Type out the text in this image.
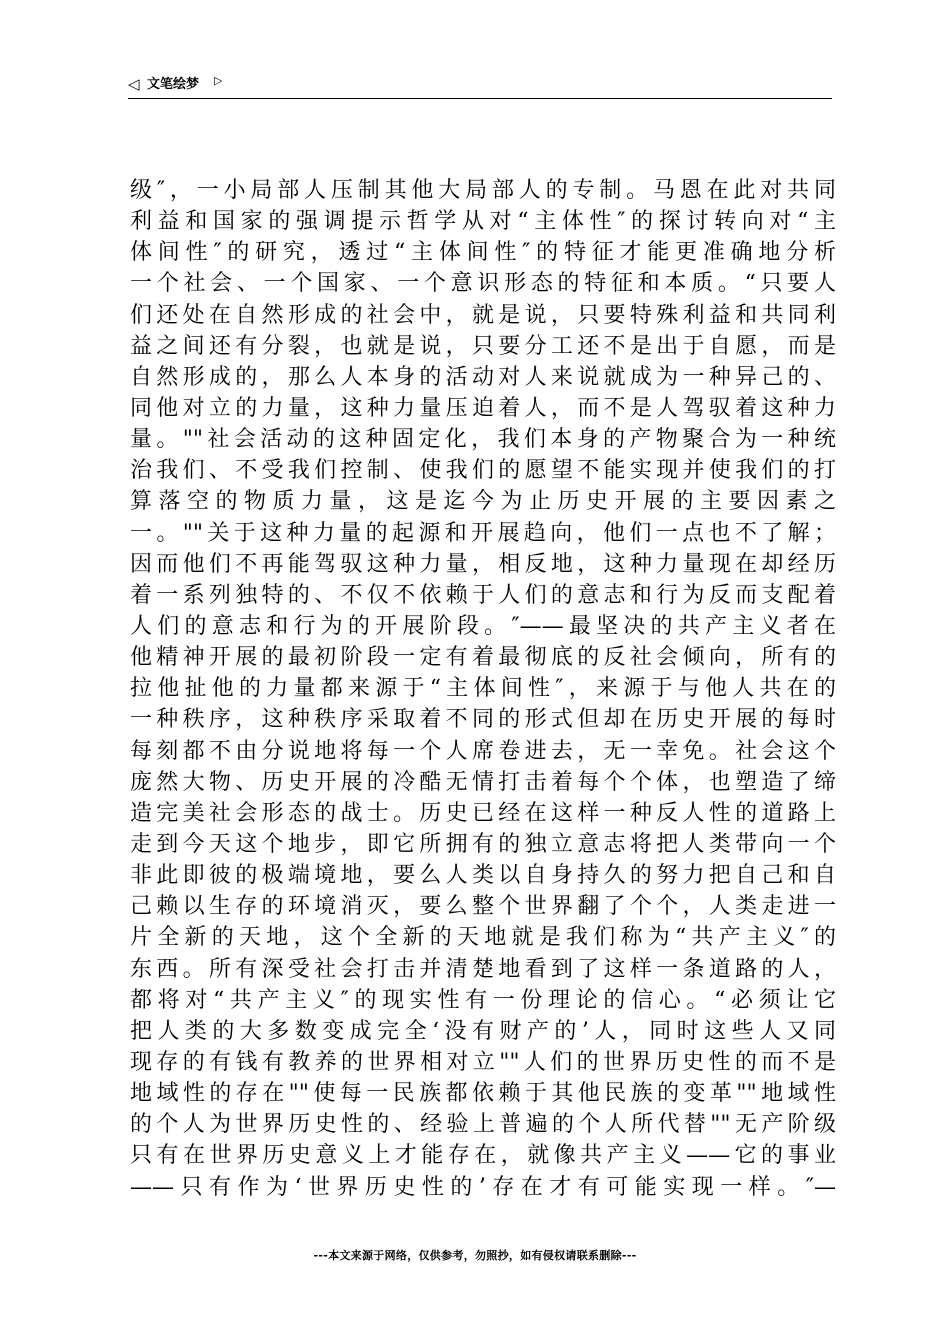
◁ 文笔绘梦 ▷
级″，一小局部人压制其他大局部人的专制。马恩在此对共同
利益和国家的强调提示哲学从对“主体性″的探讨转向对“主
体间性″的研究，透过“主体间性″的特征才能更准确地分析
一个社会、一个国家、一个意识形态的特征和本质。“只要人
们还处在自然形成的社会中，就是说，只要特殊利益和共同利
益之间还有分裂，也就是说，只要分工还不是出于自愿，而是
自然形成的，那么人本身的活动对人来说就成为一种异己的、
同他对立的力量，这种力量压迫着人，而不是人驾驭着这种力
量。""社会活动的这种固定化，我们本身的产物聚合为一种统
治我们、不受我们控制、使我们的愿望不能实现并使我们的打
算落空的物质力量，这是迄今为止历史开展的主要因素之
一。""关于这种力量的起源和开展趋向，他们一点也不了解；
因而他们不再能驾驭这种力量，相反地，这种力量现在却经历
着一系列独特的、不仅不依赖于人们的意志和行为反而支配着
人们的意志和行为的开展阶段。″——最坚决的共产主义者在
他精神开展的最初阶段一定有着最彻底的反社会倾向，所有的
拉他扯他的力量都来源于“主体间性″，来源于与他人共在的
一种秩序，这种秩序采取着不同的形式但却在历史开展的每时
每刻都不由分说地将每一个人席卷进去，无一幸免。社会这个
庞然大物、历史开展的冷酷无情打击着每个个体，也塑造了缔
造完美社会形态的战士。历史已经在这样一种反人性的道路上
走到今天这个地步，即它所拥有的独立意志将把人类带向一个
非此即彼的极端境地，要么人类以自身持久的努力把自己和自
己赖以生存的环境消灭，要么整个世界翻了个个，人类走进一
片全新的天地，这个全新的天地就是我们称为“共产主义″的
东西。所有深受社会打击并清楚地看到了这样一条道路的人，
都将对“共产主义″的现实性有一份理论的信心。“必须让它
把人类的大多数变成完全‘没有财产的’人，同时这些人又同
现存的有钱有教养的世界相对立""人们的世界历史性的而不是
地域性的存在""使每一民族都依赖于其他民族的变革""地域性
的个人为世界历史性的、经验上普遍的个人所代替""无产阶级
只有在世界历史意义上才能存在，就像共产主义——它的事业
——只有作为‘世界历史性的’存在才有可能实现一样。″—
---本文来源于网络，仅供参考，勿照抄，如有侵权请联系删除---
